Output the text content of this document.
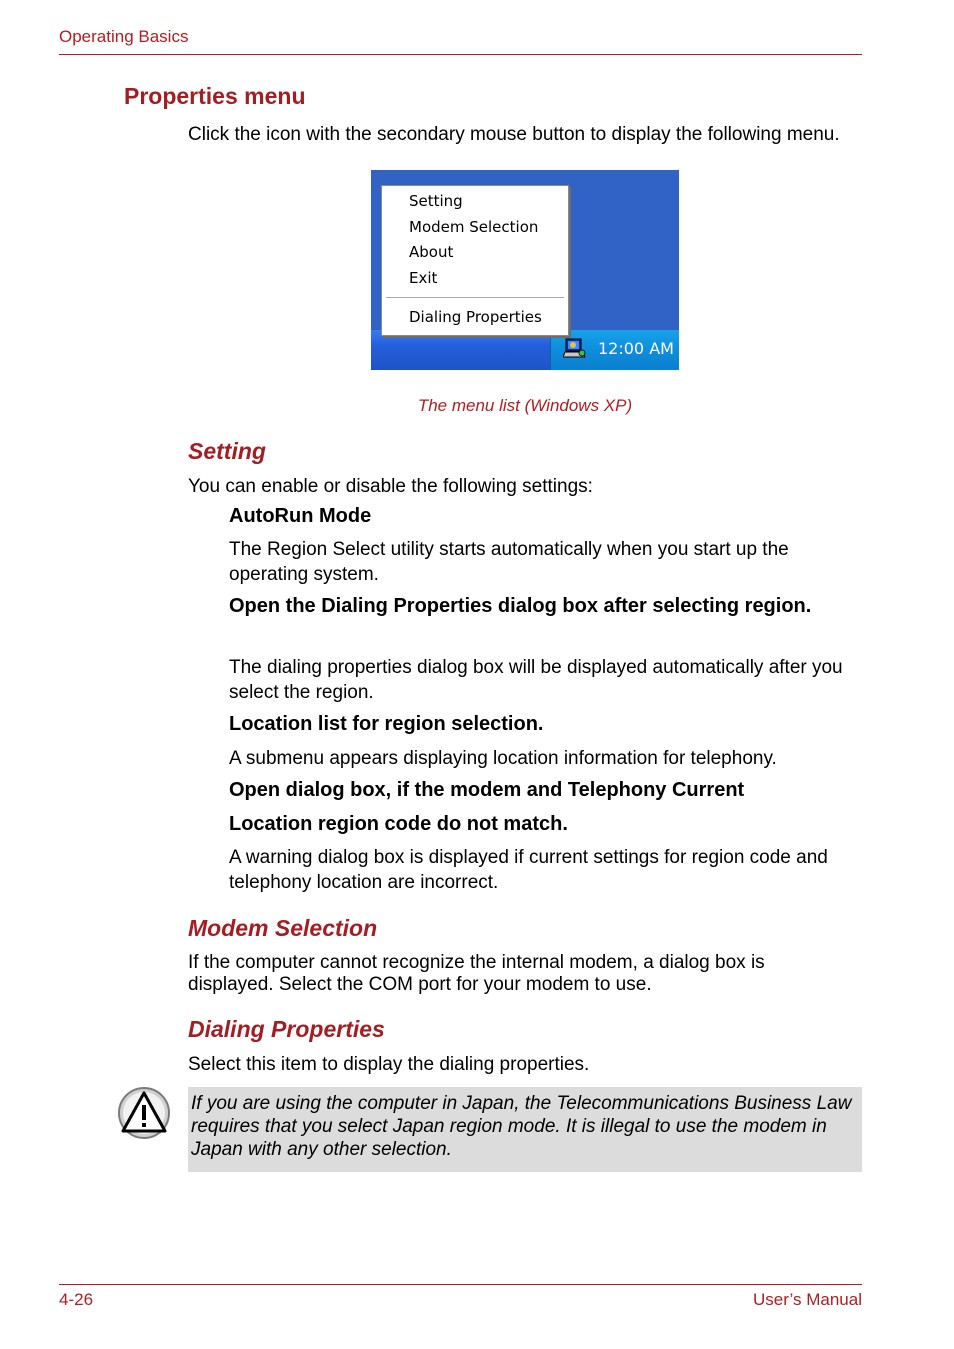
Operating Basics
Properties menu
Click the icon with the secondary mouse button to display the following menu.
12:00 AM
Setting
Modem Selection
About
Exit
Dialing Properties
The menu list (Windows XP)
Setting
You can enable or disable the following settings:
AutoRun Mode
The Region Select utility starts automatically when you start up the operating system.
Open the Dialing Properties dialog box after selecting region.
The dialing properties dialog box will be displayed automatically after you select the region.
Location list for region selection.
A submenu appears displaying location information for telephony.
Open dialog box, if the modem and Telephony Current
Location region code do not match.
A warning dialog box is displayed if current settings for region code and telephony location are incorrect.
Modem Selection
If the computer cannot recognize the internal modem, a dialog box is displayed. Select the COM port for your modem to use.
Dialing Properties
Select this item to display the dialing properties.
If you are using the computer in Japan, the Telecommunications Business Law requires that you select Japan region mode. It is illegal to use the modem in Japan with any other selection.
4-26	User’s Manual
